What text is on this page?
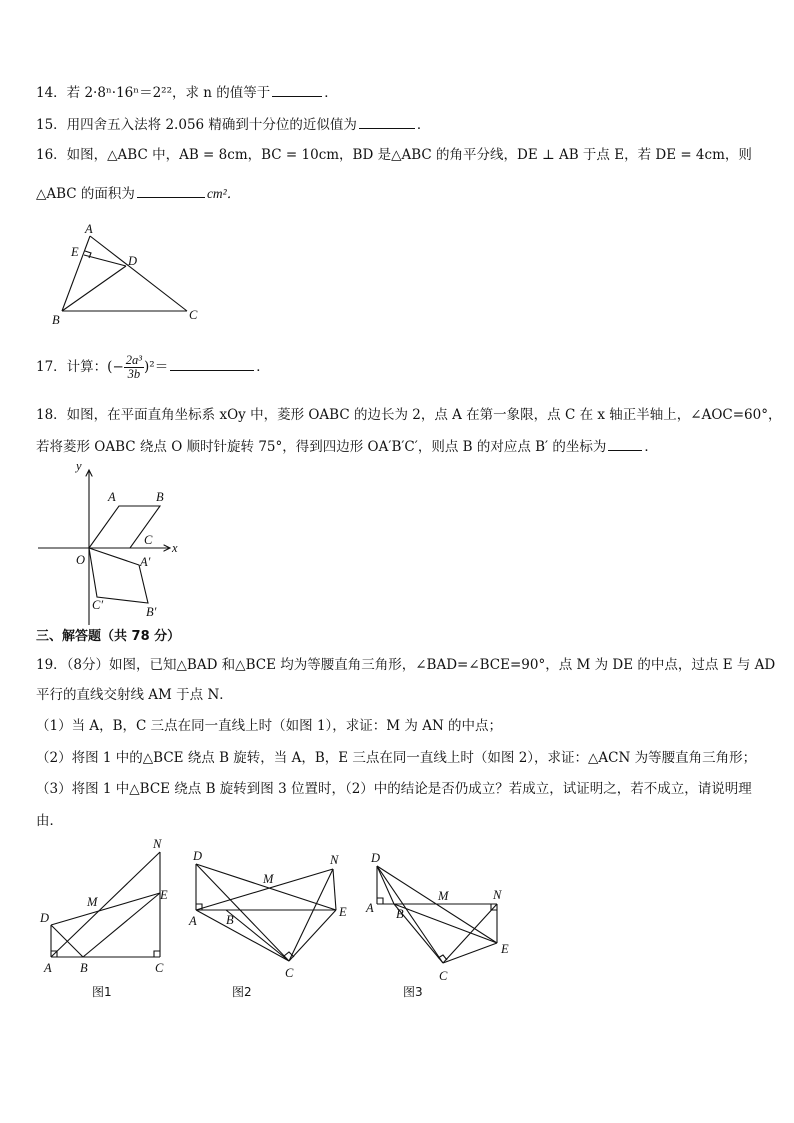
14．若 2·8ⁿ·16ⁿ＝2²²，求 n 的值等于	．
15．用四舍五入法将 2.056 精确到十分位的近似值为	．
16．如图，△ABC 中，AB = 8cm，BC = 10cm，BD 是△ABC 的角平分线，DE ⊥ AB 于点 E，若 DE = 4cm，则
△ABC 的面积为	cm²．
A
E
D
B	C
17．计算：(− $\frac{\text{2a³}}{3b} )^2=$	．
18．如图，在平面直角坐标系 xOy 中，菱形 OABC 的边长为 2，点 A 在第一象限，点 C 在 x 轴正半轴上，∠AOC=60°，
若将菱形 OABC 绕点 O 顺时针旋转 75°，得到四边形 OA′B′C′，则点 B 的对应点 B′ 的坐标为	．
y
x
O
A	B
C
A′
B′
C′
三、解答题（共 78 分）
19．（8分）如图，已知△BAD 和△BCE 均为等腰直角三角形，∠BAD=∠BCE=90°，点 M 为 DE 的中点，过点 E 与 AD
平行的直线交射线 AM 于点 N．
（1）当 A，B，C 三点在同一直线上时（如图 1），求证：M 为 AN 的中点；
（2）将图 1 中的△BCE 绕点 B 旋转，当 A，B，E 三点在同一直线上时（如图 2），求证：△ACN 为等腰直角三角形；
（3）将图 1 中△BCE 绕点 B 旋转到图 3 位置时，（2）中的结论是否仍成立？若成立，试证明之，若不成立，请说明理
由．
N
E
M
D
A B	C
图1
D
M
N
A B
E
C
图2
D
M	N
A B
E
C
图3
